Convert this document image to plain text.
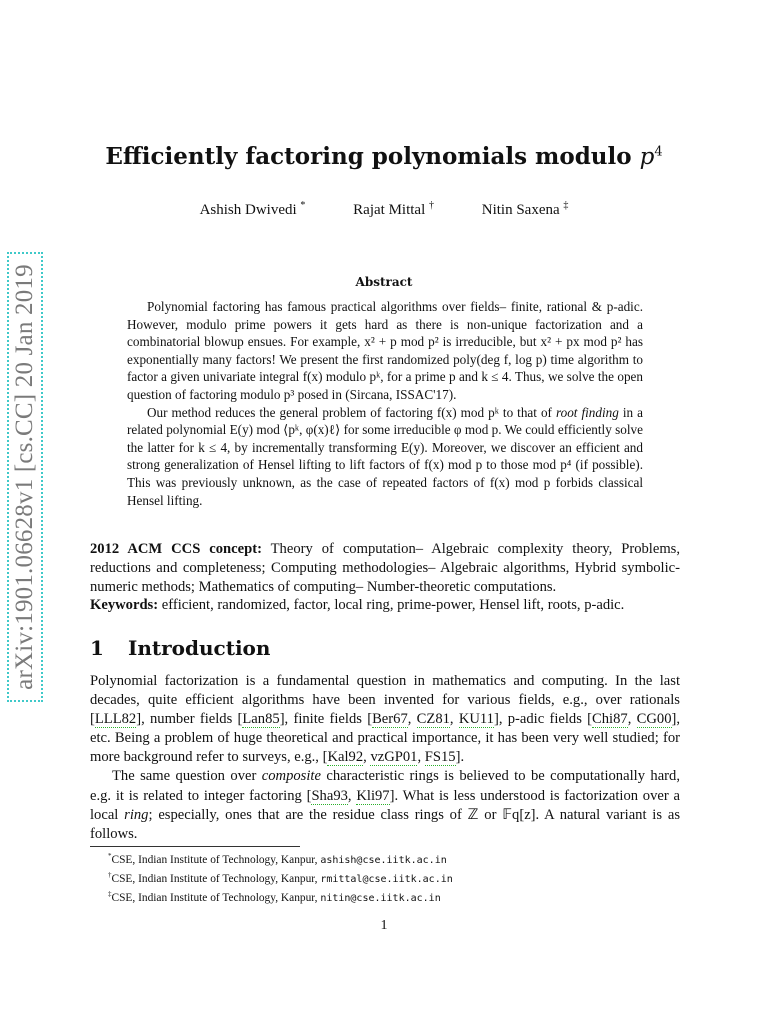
arXiv:1901.06628v1 [cs.CC] 20 Jan 2019
Efficiently factoring polynomials modulo $p^4$
Ashish Dwivedi *	Rajat Mittal †	Nitin Saxena ‡
Abstract

Polynomial factoring has famous practical algorithms over fields– finite, rational & p-adic. However, modulo prime powers it gets hard as there is non-unique factorization and a combinatorial blowup ensues. For example, x² + p mod p² is irreducible, but x² + px mod p² has exponentially many factors! We present the first randomized poly(deg f, log p) time algorithm to factor a given univariate integral f(x) modulo pᵏ, for a prime p and k ≤ 4. Thus, we solve the open question of factoring modulo p³ posed in (Sircana, ISSAC'17).

Our method reduces the general problem of factoring f(x) mod pᵏ to that of root finding in a related polynomial E(y) mod ⟨pᵏ, φ(x)ℓ⟩ for some irreducible φ mod p. We could efficiently solve the latter for k ≤ 4, by incrementally transforming E(y). Moreover, we discover an efficient and strong generalization of Hensel lifting to lift factors of f(x) mod p to those mod p⁴ (if possible). This was previously unknown, as the case of repeated factors of f(x) mod p forbids classical Hensel lifting.

2012 ACM CCS concept: Theory of computation– Algebraic complexity theory, Problems, reductions and completeness; Computing methodologies– Algebraic algorithms, Hybrid symbolic-numeric methods; Mathematics of computing– Number-theoretic computations.
Keywords: efficient, randomized, factor, local ring, prime-power, Hensel lift, roots, p-adic.
1 Introduction

Polynomial factorization is a fundamental question in mathematics and computing. In the last decades, quite efficient algorithms have been invented for various fields, e.g., over rationals [LLL82], number fields [Lan85], finite fields [Ber67, CZ81, KU11], p-adic fields [Chi87, CG00], etc. Being a problem of huge theoretical and practical importance, it has been very well studied; for more background refer to surveys, e.g., [Kal92, vzGP01, FS15].

The same question over composite characteristic rings is believed to be computationally hard, e.g. it is related to integer factoring [Sha93, Kli97]. What is less understood is factorization over a local ring; especially, ones that are the residue class rings of ℤ or 𝔽q[z]. A natural variant is as follows.

*CSE, Indian Institute of Technology, Kanpur, ashish@cse.iitk.ac.in
†CSE, Indian Institute of Technology, Kanpur, rmittal@cse.iitk.ac.in
‡CSE, Indian Institute of Technology, Kanpur, nitin@cse.iitk.ac.in
1
